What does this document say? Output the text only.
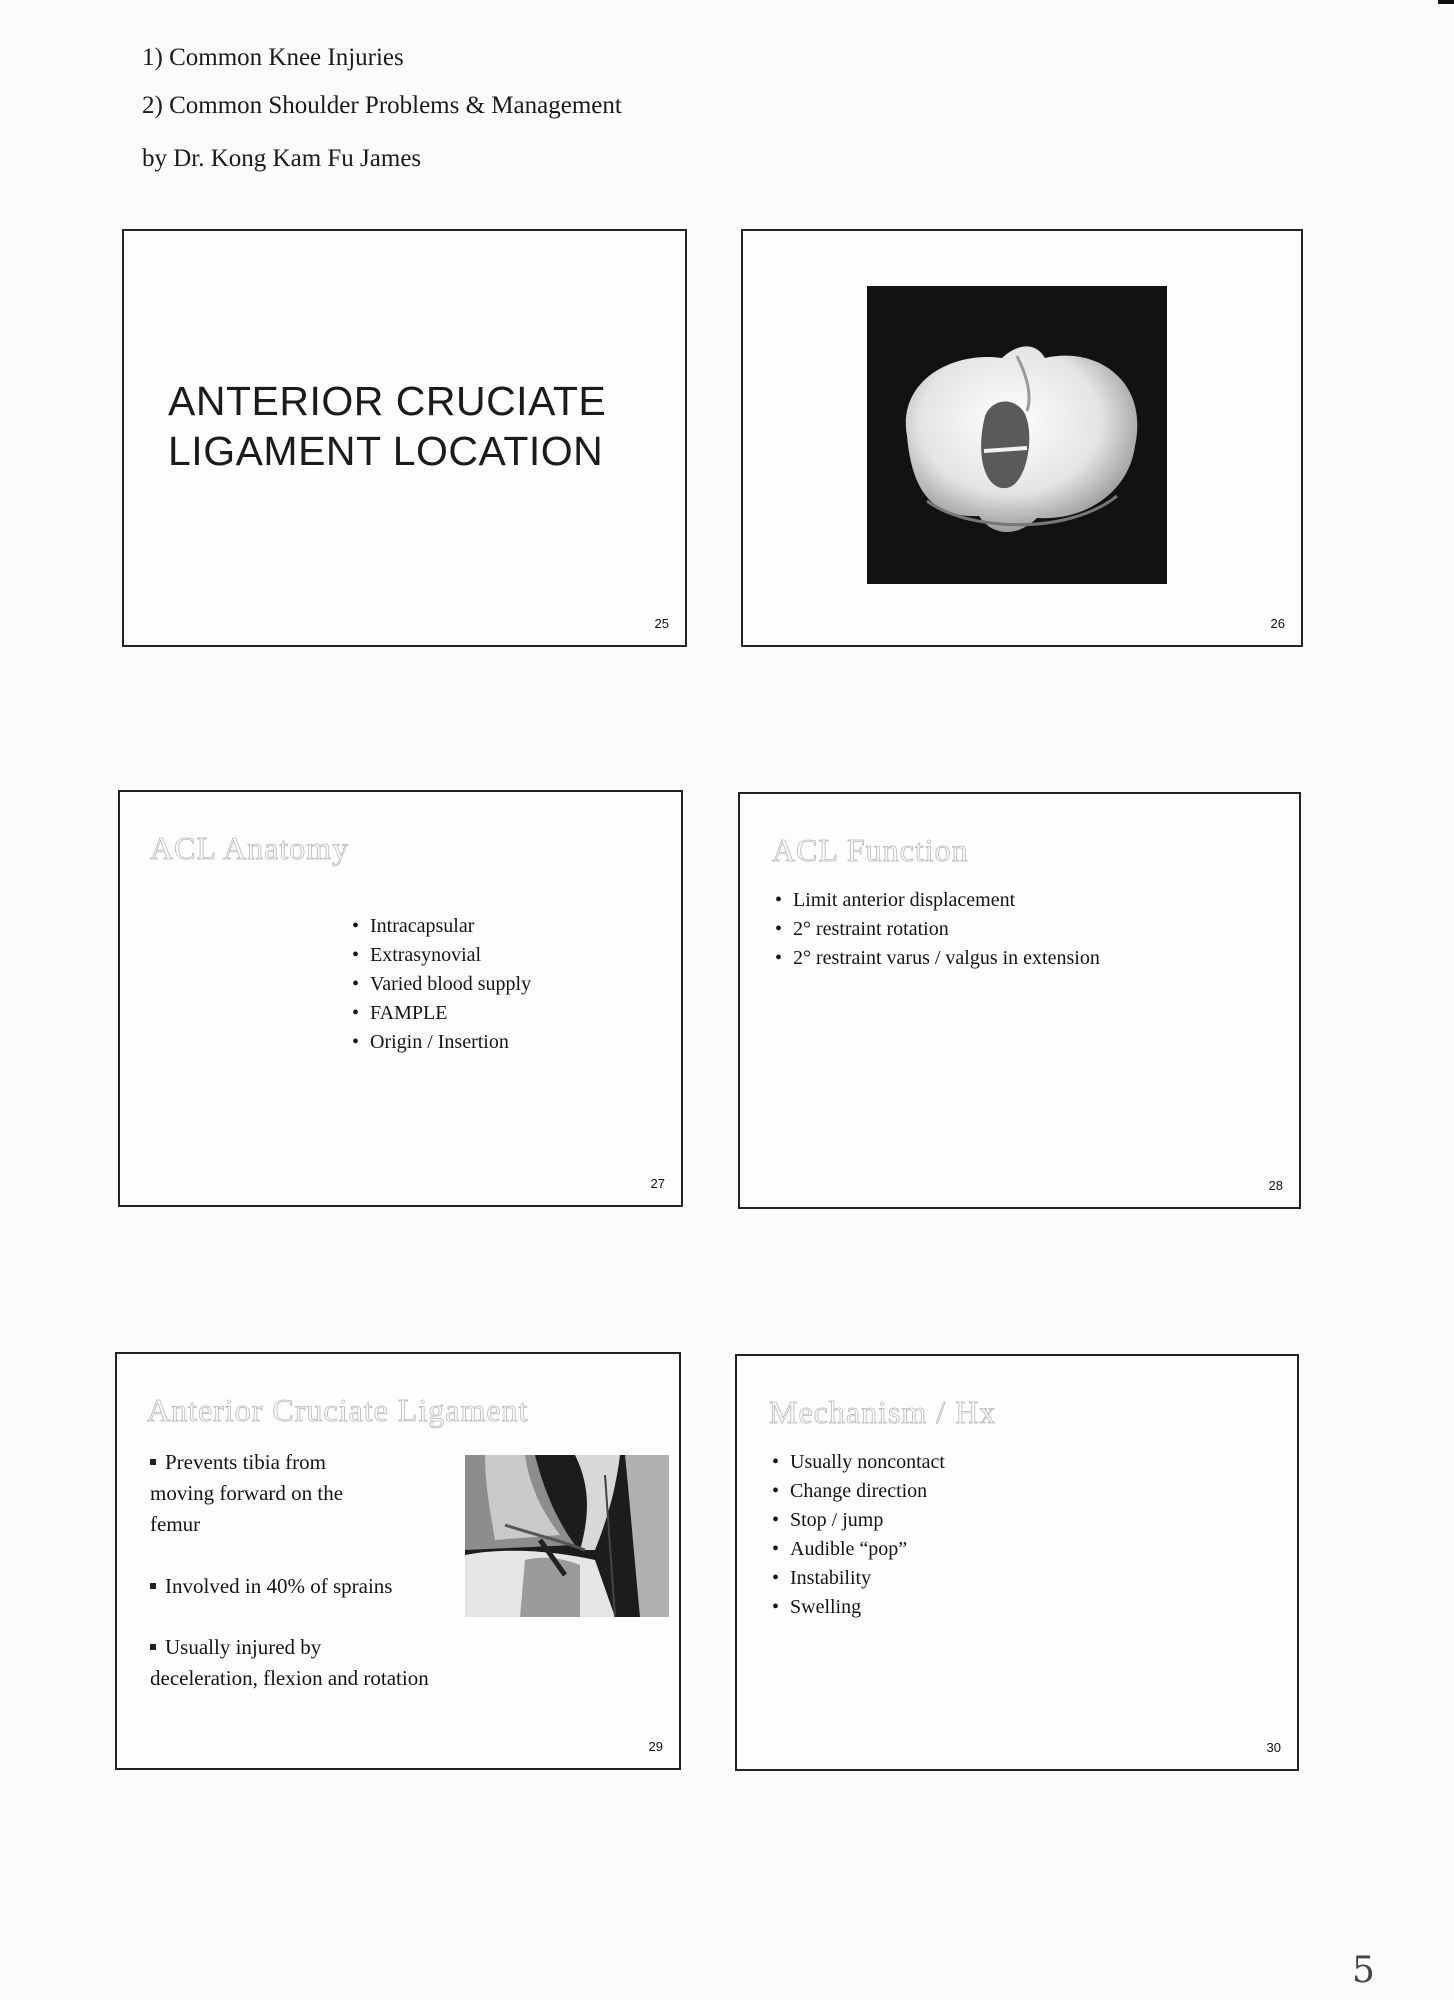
1) Common Knee Injuries
2) Common Shoulder Problems & Management
by Dr. Kong Kam Fu James
ANTERIOR CRUCIATE
LIGAMENT LOCATION
25	26
ACL Anatomy
• Intracapsular
• Extrasynovial
• Varied blood supply
• FAMPLE
• Origin / Insertion
27
ACL Function
• Limit anterior displacement
• 2° restraint rotation
• 2° restraint varus / valgus in extension
28
Anterior Cruciate Ligament
Prevents tibia from
moving forward on the
femur
Involved in 40% of sprains
Usually injured by
deceleration, flexion and rotation
29
Mechanism / Hx
• Usually noncontact
• Change direction
• Stop / jump
• Audible “pop”
• Instability
• Swelling
30
5
